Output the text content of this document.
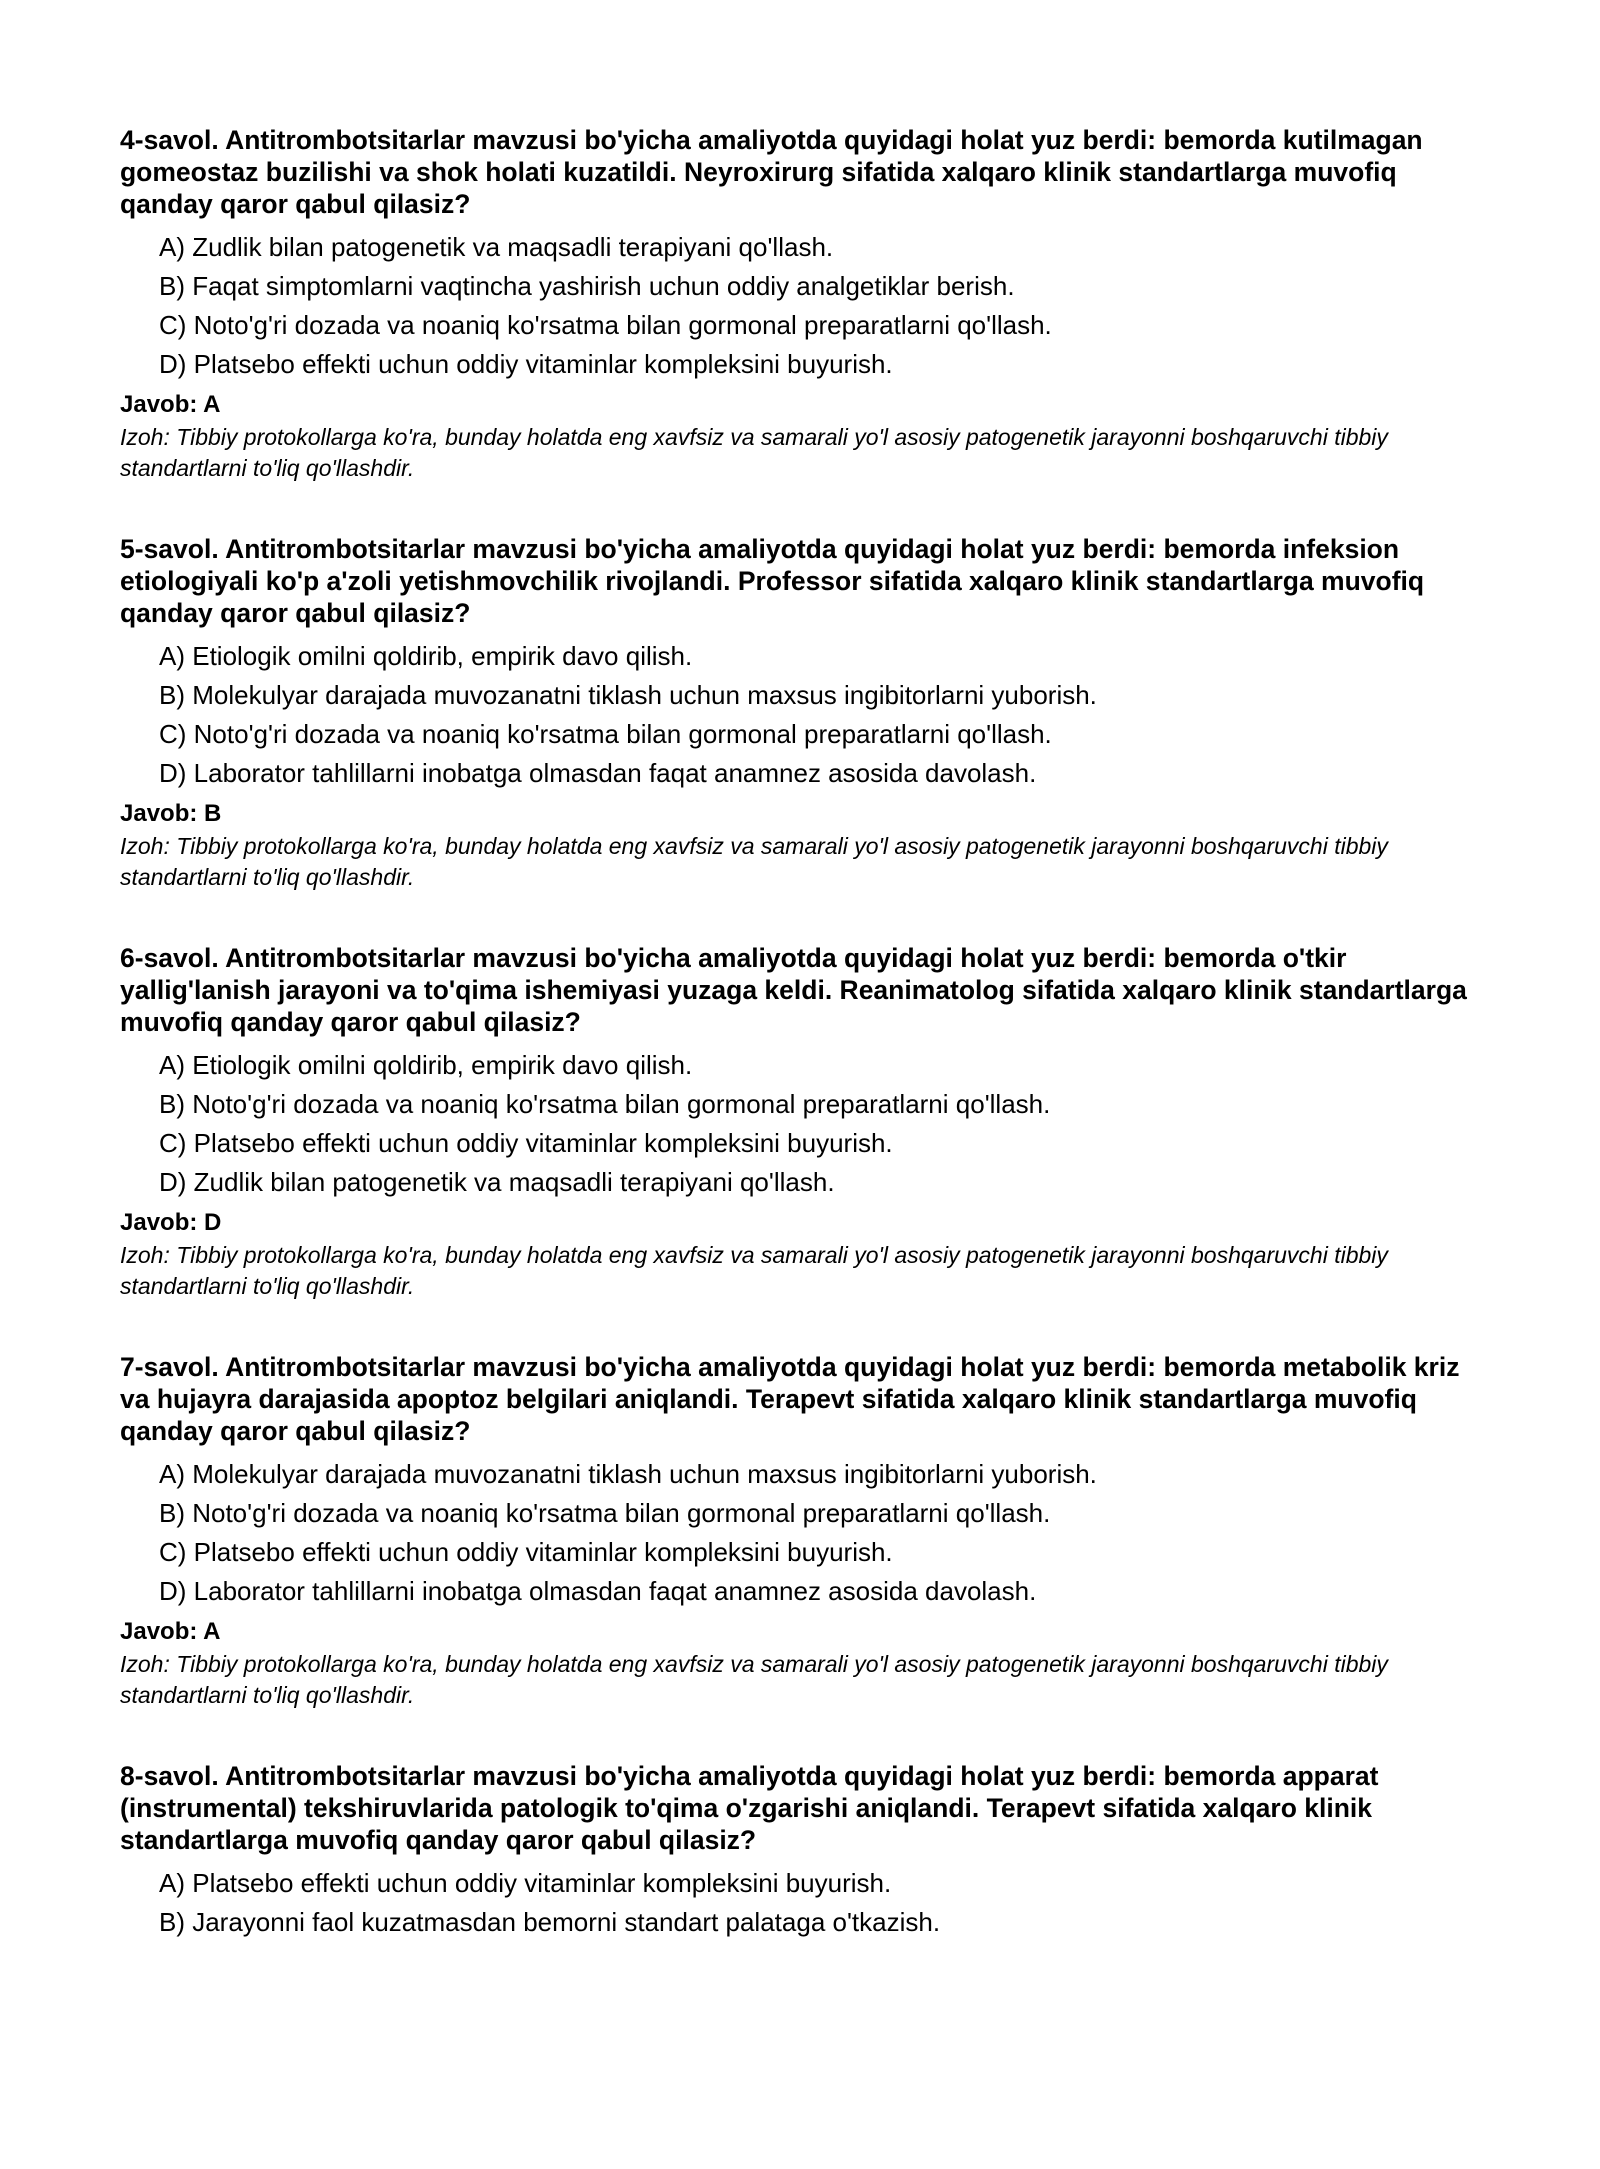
4-savol. Antitrombotsitarlar mavzusi bo'yicha amaliyotda quyidagi holat yuz berdi: bemorda kutilmagan gomeostaz buzilishi va shok holati kuzatildi. Neyroxirurg sifatida xalqaro klinik standartlarga muvofiq qanday qaror qabul qilasiz?

A) Zudlik bilan patogenetik va maqsadli terapiyani qo'llash.
B) Faqat simptomlarni vaqtincha yashirish uchun oddiy analgetiklar berish.
C) Noto'g'ri dozada va noaniq ko'rsatma bilan gormonal preparatlarni qo'llash.
D) Platsebo effekti uchun oddiy vitaminlar kompleksini buyurish.
Javob: A
Izoh: Tibbiy protokollarga ko'ra, bunday holatda eng xavfsiz va samarali yo'l asosiy patogenetik jarayonni boshqaruvchi tibbiy standartlarni to'liq qo'llashdir.

5-savol. Antitrombotsitarlar mavzusi bo'yicha amaliyotda quyidagi holat yuz berdi: bemorda infeksion etiologiyali ko'p a'zoli yetishmovchilik rivojlandi. Professor sifatida xalqaro klinik standartlarga muvofiq qanday qaror qabul qilasiz?

A) Etiologik omilni qoldirib, empirik davo qilish.
B) Molekulyar darajada muvozanatni tiklash uchun maxsus ingibitorlarni yuborish.
C) Noto'g'ri dozada va noaniq ko'rsatma bilan gormonal preparatlarni qo'llash.
D) Laborator tahlillarni inobatga olmasdan faqat anamnez asosida davolash.
Javob: B
Izoh: Tibbiy protokollarga ko'ra, bunday holatda eng xavfsiz va samarali yo'l asosiy patogenetik jarayonni boshqaruvchi tibbiy standartlarni to'liq qo'llashdir.

6-savol. Antitrombotsitarlar mavzusi bo'yicha amaliyotda quyidagi holat yuz berdi: bemorda o'tkir yallig'lanish jarayoni va to'qima ishemiyasi yuzaga keldi. Reanimatolog sifatida xalqaro klinik standartlarga muvofiq qanday qaror qabul qilasiz?

A) Etiologik omilni qoldirib, empirik davo qilish.
B) Noto'g'ri dozada va noaniq ko'rsatma bilan gormonal preparatlarni qo'llash.
C) Platsebo effekti uchun oddiy vitaminlar kompleksini buyurish.
D) Zudlik bilan patogenetik va maqsadli terapiyani qo'llash.
Javob: D
Izoh: Tibbiy protokollarga ko'ra, bunday holatda eng xavfsiz va samarali yo'l asosiy patogenetik jarayonni boshqaruvchi tibbiy standartlarni to'liq qo'llashdir.

7-savol. Antitrombotsitarlar mavzusi bo'yicha amaliyotda quyidagi holat yuz berdi: bemorda metabolik kriz va hujayra darajasida apoptoz belgilari aniqlandi. Terapevt sifatida xalqaro klinik standartlarga muvofiq qanday qaror qabul qilasiz?

A) Molekulyar darajada muvozanatni tiklash uchun maxsus ingibitorlarni yuborish.
B) Noto'g'ri dozada va noaniq ko'rsatma bilan gormonal preparatlarni qo'llash.
C) Platsebo effekti uchun oddiy vitaminlar kompleksini buyurish.
D) Laborator tahlillarni inobatga olmasdan faqat anamnez asosida davolash.
Javob: A
Izoh: Tibbiy protokollarga ko'ra, bunday holatda eng xavfsiz va samarali yo'l asosiy patogenetik jarayonni boshqaruvchi tibbiy standartlarni to'liq qo'llashdir.

8-savol. Antitrombotsitarlar mavzusi bo'yicha amaliyotda quyidagi holat yuz berdi: bemorda apparat (instrumental) tekshiruvlarida patologik to'qima o'zgarishi aniqlandi. Terapevt sifatida xalqaro klinik standartlarga muvofiq qanday qaror qabul qilasiz?

A) Platsebo effekti uchun oddiy vitaminlar kompleksini buyurish.
B) Jarayonni faol kuzatmasdan bemorni standart palataga o'tkazish.
